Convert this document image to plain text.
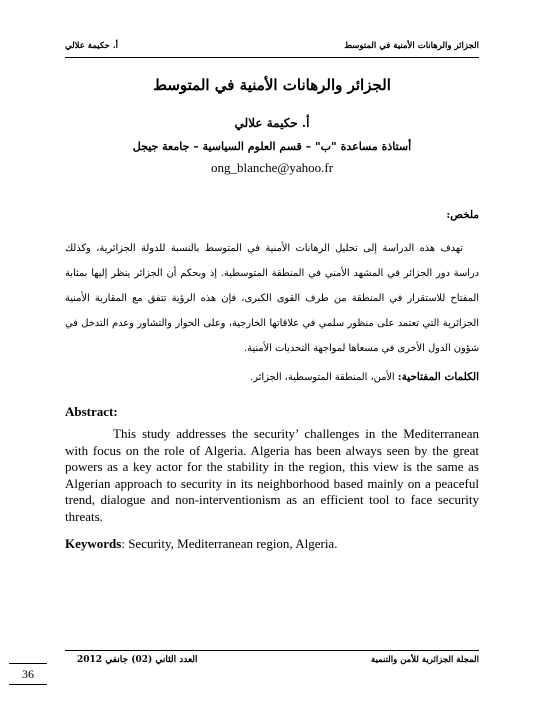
الجزائر والرهانات الأمنية في المتوسط
أ. حكيمة علالي
الجزائر والرهانات الأمنية في المتوسط
أ. حكيمة علالي
أستاذة مساعدة "ب" – قسم العلوم السياسية – جامعة جيجل
ong_blanche@yahoo.fr
ملخص:
تهدف هذه الدراسة إلى تحليل الرهانات الأمنية في المتوسط بالنسبة للدولة الجزائرية، وكذلك دراسة دور الجزائر في المشهد الأمني في المنطقة المتوسطية. إذ وبحكم أن الجزائر ينظر إليها بمثابة المفتاح للاستقرار في المنطقة من طرف القوى الكبرى، فإن هذه الرؤية تتفق مع المقاربة الأمنية الجزائرية التي تعتمد على منظور سلمي في علاقاتها الخارجية، وعلى الحوار والتشاور وعدم التدخل في شؤون الدول الأخرى في مسعاها لمواجهة التحديات الأمنية.
الكلمات المفتاحية: الأمن، المنطقة المتوسطية، الجزائر.
Abstract:
This study addresses the security’ challenges in the Mediterranean with focus on the role of Algeria. Algeria has been always seen by the great powers as a key actor for the stability in the region, this view is the same as Algerian approach to security in its neighborhood based mainly on a peaceful trend, dialogue and non-interventionism as an efficient tool to face security threats.
Keywords: Security, Mediterranean region, Algeria.
المجلة الجزائرية للأمن والتنمية
العدد الثاني (02) جانفي 2012
36
